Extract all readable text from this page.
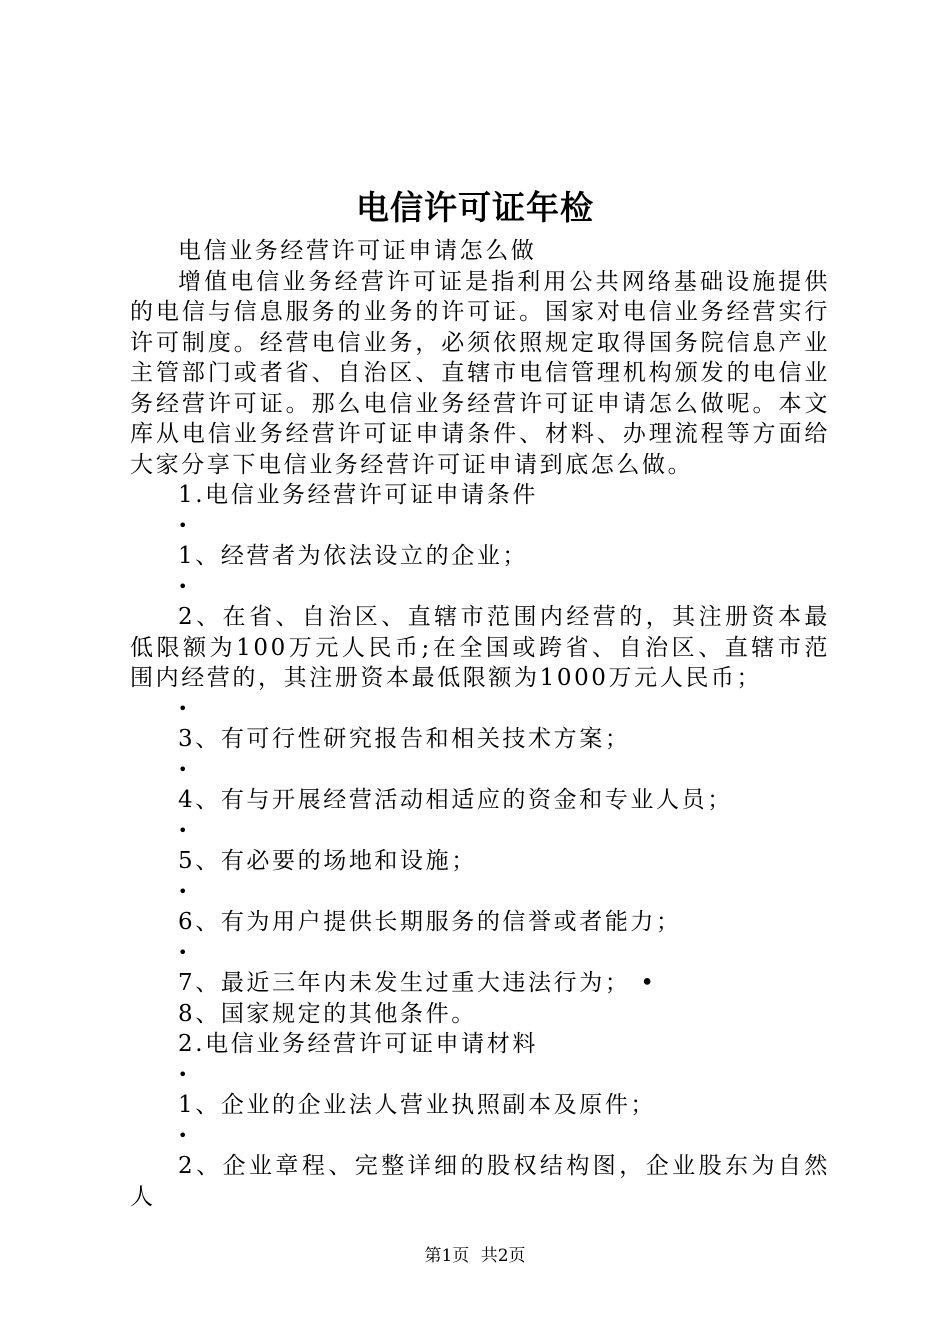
电信许可证年检

电信业务经营许可证申请怎么做

增值电信业务经营许可证是指利用公共网络基础设施提供的电信与信息服务的业务的许可证。国家对电信业务经营实行许可制度。经营电信业务，必须依照规定取得国务院信息产业主管部门或者省、自治区、直辖市电信管理机构颁发的电信业务经营许可证。那么电信业务经营许可证申请怎么做呢。本文库从电信业务经营许可证申请条件、材料、办理流程等方面给大家分享下电信业务经营许可证申请到底怎么做。

1.电信业务经营许可证申请条件

•

1、经营者为依法设立的企业；

•

2、在省、自治区、直辖市范围内经营的，其注册资本最低限额为100万元人民币;在全国或跨省、自治区、直辖市范围内经营的，其注册资本最低限额为1000万元人民币；

•

3、有可行性研究报告和相关技术方案；

•

4、有与开展经营活动相适应的资金和专业人员；

•

5、有必要的场地和设施；

•

6、有为用户提供长期服务的信誉或者能力；

•

7、最近三年内未发生过重大违法行为； •

8、国家规定的其他条件。

2.电信业务经营许可证申请材料

•

1、企业的企业法人营业执照副本及原件；

•

2、企业章程、完整详细的股权结构图，企业股东为自然人

第1页 共2页
